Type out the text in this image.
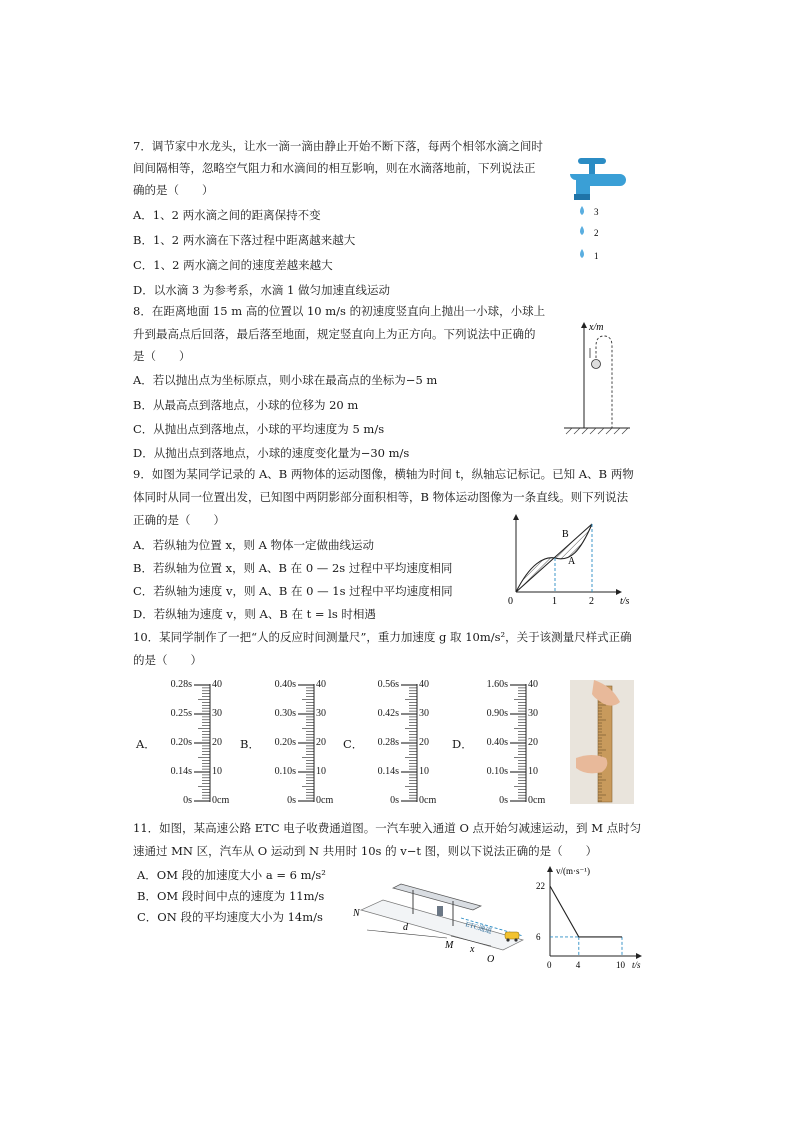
7．调节家中水龙头，让水一滴一滴由静止开始不断下落，每两个相邻水滴之间时
间间隔相等，忽略空气阻力和水滴间的相互影响，则在水滴落地前，下列说法正
确的是（　　）
A．1、2 两水滴之间的距离保持不变
B．1、2 两水滴在下落过程中距离越来越大
C．1、2 两水滴之间的速度差越来越大
D．以水滴 3 为参考系，水滴 1 做匀加速直线运动
3
2
1
8．在距离地面 15 m 高的位置以 10 m/s 的初速度竖直向上抛出一小球，小球上
升到最高点后回落，最后落至地面，规定竖直向上为正方向。下列说法中正确的
是（　　）
A．若以抛出点为坐标原点，则小球在最高点的坐标为−5 m
B．从最高点到落地点，小球的位移为 20 m
C．从抛出点到落地点，小球的平均速度为 5 m/s
D．从抛出点到落地点，小球的速度变化量为−30 m/s
x/m
9．如图为某同学记录的 A、B 两物体的运动图像，横轴为时间 t，纵轴忘记标记。已知 A、B 两物
体同时从同一位置出发，已知图中两阴影部分面积相等，B 物体运动图像为一条直线。则下列说法
正确的是（　　）
A．若纵轴为位置 x，则 A 物体一定做曲线运动
B．若纵轴为位置 x，则 A、B 在 0 — 2s 过程中平均速度相同
C．若纵轴为速度 v，则 A、B 在 0 — 1s 过程中平均速度相同
D．若纵轴为速度 v，则 A、B 在 t = ls 时相遇
B
A
0	1	2	t/s
10．某同学制作了一把“人的反应时间测量尺”，重力加速度 g 取 10m/s²，关于该测量尺样式正确
的是（　　）
A．
0.28s
0.25s
0.20s
0.14s
0s
40
30
20
10
0cm
B．
0.40s
0.30s
0.20s
0.10s
0s
40
30
20
10
0cm
C．
0.56s
0.42s
0.28s
0.14s
0s
40
30
20
10
0cm
D．
1.60s
0.90s
0.40s
0.10s
0s
40
30
20
10
0cm
11．如图，某高速公路 ETC 电子收费通道图。一汽车驶入通道 O 点开始匀减速运动，到 M 点时匀
速通过 MN 区，汽车从 O 运动到 N 共用时 10s 的 v−t 图，则以下说法正确的是（　　）
A．OM 段的加速度大小 a = 6 m/s²
B．OM 段时间中点的速度为 11m/s
C．ON 段的平均速度大小为 14m/s
ETC通道
N
d
M x
O
v/(m·s⁻¹)
t/s
0	4	10
22
6
